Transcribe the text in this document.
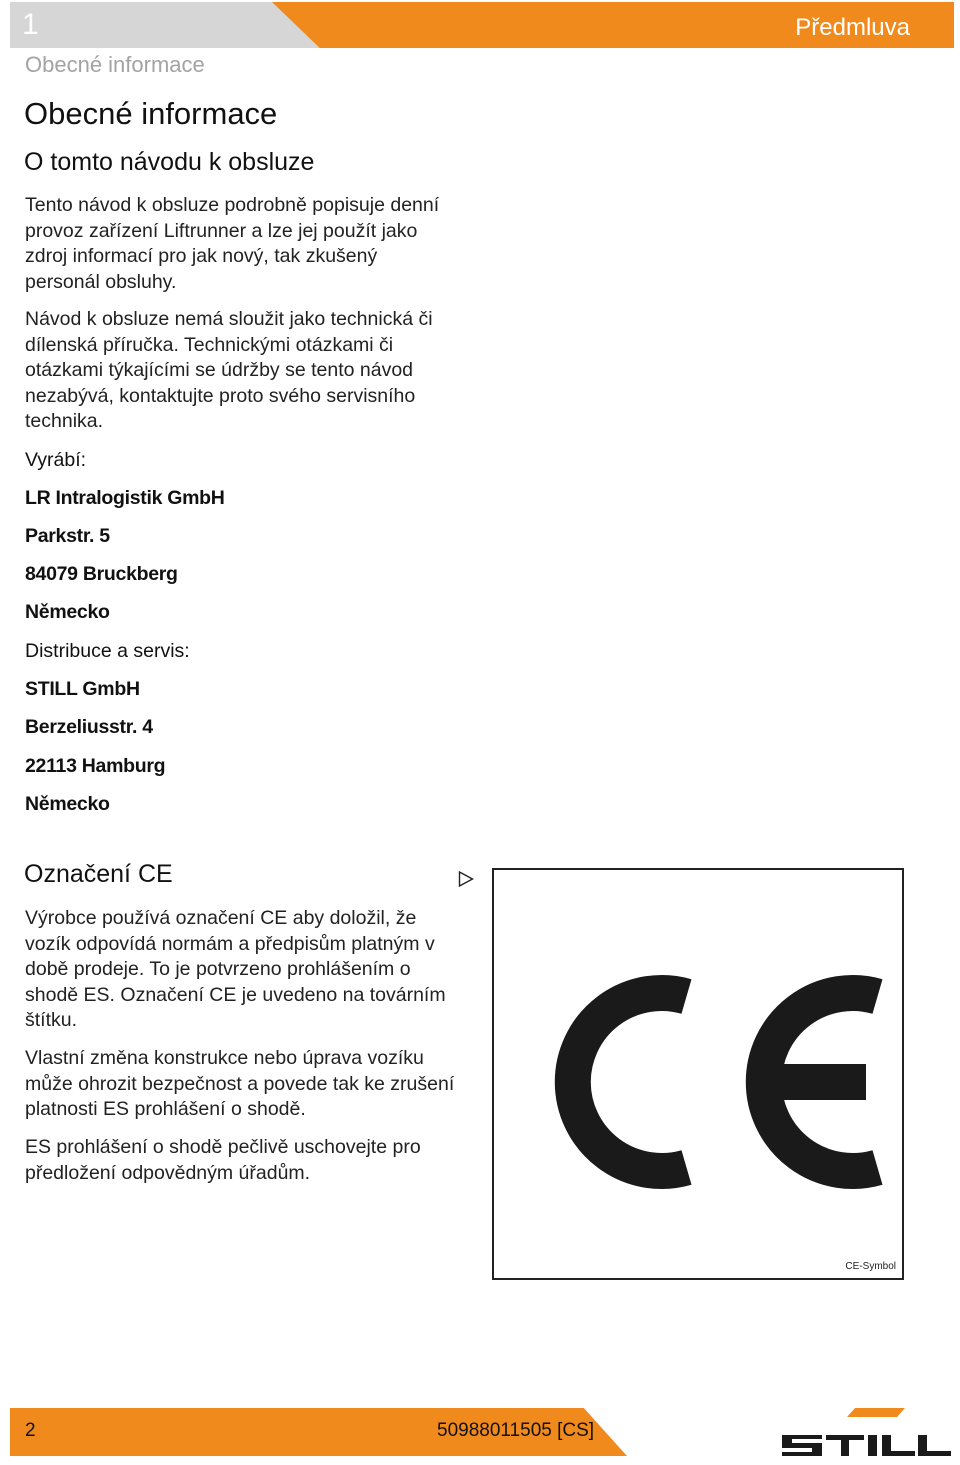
1	Předmluva
Obecné informace
Obecné informace
O tomto návodu k obsluze

Tento návod k obsluze podrobně popisuje denní provoz zařízení Liftrunner a lze jej použít jako zdroj informací pro jak nový, tak zkušený personál obsluhy.

Návod k obsluze nemá sloužit jako technická či dílenská příručka. Technickými otázkami či otázkami týkajícími se údržby se tento návod nezabývá, kontaktujte proto svého servisního technika.

Vyrábí:
LR Intralogistik GmbH
Parkstr. 5
84079 Bruckberg
Německo
Distribuce a servis:
STILL GmbH
Berzeliusstr. 4
22113 Hamburg
Německo
Označení CE

Výrobce používá označení CE aby doložil, že vozík odpovídá normám a předpisům platným v době prodeje. To je potvrzeno prohlášením o shodě ES. Označení CE je uvedeno na továrním štítku.

Vlastní změna konstrukce nebo úprava vozíku může ohrozit bezpečnost a povede tak ke zrušení platnosti ES prohlášení o shodě.

ES prohlášení o shodě pečlivě uschovejte pro předložení odpovědným úřadům.

CE-Symbol
2	50988011505 [CS]
